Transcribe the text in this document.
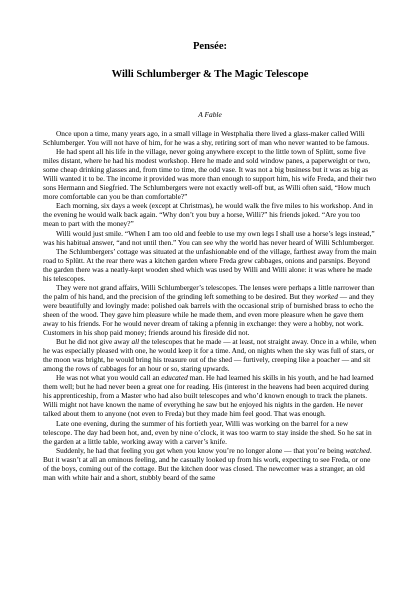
Pensée:
Willi Schlumberger & The Magic Telescope
A Fable

Once upon a time, many years ago, in a small village in Westphalia there lived a glass-maker called Willi Schlumberger. You will not have of him, for he was a shy, retiring sort of man who never wanted to be famous.

He had spent all his life in the village, never going anywhere except to the little town of Splütt, some five miles distant, where he had his modest workshop. Here he made and sold window panes, a paperweight or two, some cheap drinking glasses and, from time to time, the odd vase. It was not a big business but it was as big as Willi wanted it to be. The income it provided was more than enough to support him, his wife Freda, and their two sons Hermann and Siegfried. The Schlumbergers were not exactly well-off but, as Willi often said, “How much more comfortable can you be than comfortable?”

Each morning, six days a week (except at Christmas), he would walk the five miles to his workshop. And in the evening he would walk back again. “Why don’t you buy a horse, Willi?” his friends joked. “Are you too mean to part with the money?”

Willi would just smile. “When I am too old and feeble to use my own legs I shall use a horse’s legs instead,” was his habitual answer, “and not until then.” You can see why the world has never heard of Willi Schlumberger.

The Schlumbergers’ cottage was situated at the unfashionable end of the village, farthest away from the main road to Splütt. At the rear there was a kitchen garden where Freda grew cabbages, onions and parsnips. Beyond the garden there was a neatly-kept wooden shed which was used by Willi and Willi alone: it was where he made his telescopes.

They were not grand affairs, Willi Schlumberger’s telescopes. The lenses were perhaps a little narrower than the palm of his hand, and the precision of the grinding left something to be desired. But they worked — and they were beautifully and lovingly made: polished oak barrels with the occasional strip of burnished brass to echo the sheen of the wood. They gave him pleasure while he made them, and even more pleasure when he gave them away to his friends. For he would never dream of taking a pfennig in exchange: they were a hobby, not work. Customers in his shop paid money; friends around his fireside did not.

But he did not give away all the telescopes that he made — at least, not straight away. Once in a while, when he was especially pleased with one, he would keep it for a time. And, on nights when the sky was full of stars, or the moon was bright, he would bring his treasure out of the shed — furtively, creeping like a poacher — and sit among the rows of cabbages for an hour or so, staring upwards.

He was not what you would call an educated man. He had learned his skills in his youth, and he had learned them well; but he had never been a great one for reading. His (interest in the heavens had been acquired during his apprenticeship, from a Master who had also built telescopes and who’d known enough to track the planets. Willi might not have known the name of everything he saw but he enjoyed his nights in the garden. He never talked about them to anyone (not even to Freda) but they made him feel good. That was enough.

Late one evening, during the summer of his fortieth year, Willi was working on the barrel for a new telescope. The day had been hot, and, even by nine o’clock, it was too warm to stay inside the shed. So he sat in the garden at a little table, working away with a carver’s knife.

Suddenly, he had that feeling you get when you know you’re no longer alone — that you’re being watched. But it wasn’t at all an ominous feeling, and he casually looked up from his work, expecting to see Freda, or one of the boys, coming out of the cottage. But the kitchen door was closed. The newcomer was a stranger, an old man with white hair and a short, stubbly beard of the same
